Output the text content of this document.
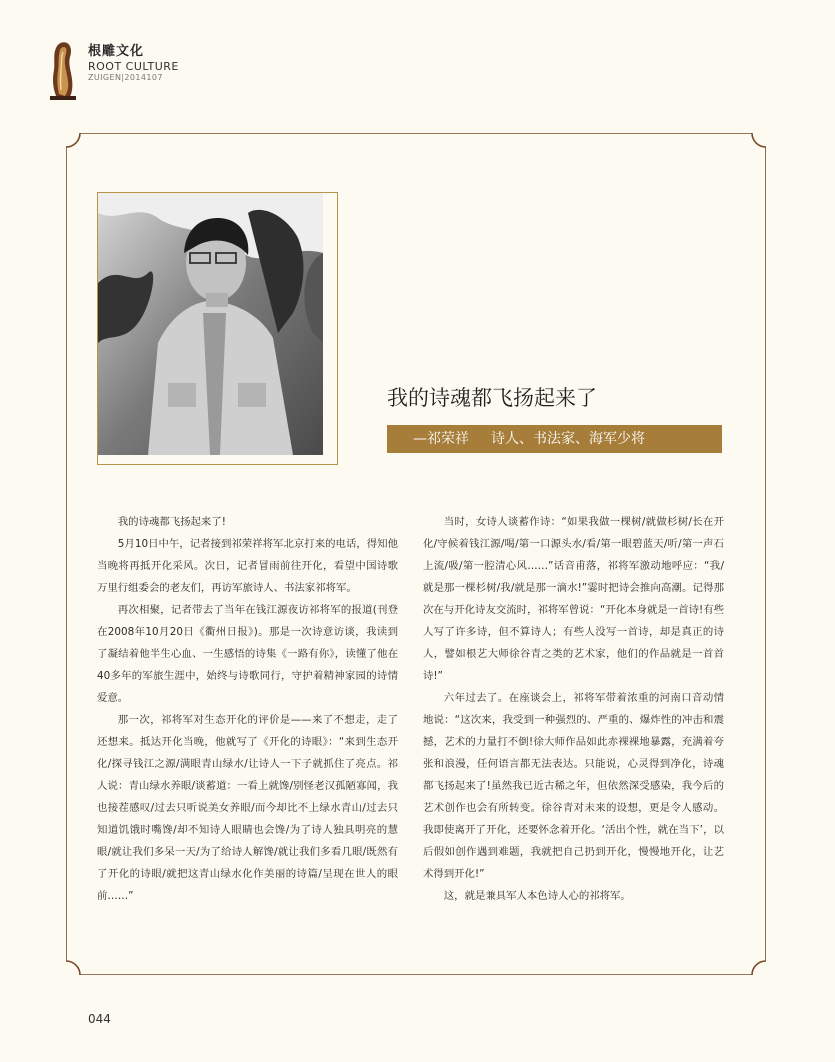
根雕文化
ROOT CULTURE
ZUIGEN|2014107
我的诗魂都飞扬起来了
—祁荣祥 诗人、书法家、海军少将

我的诗魂都飞扬起来了!

5月10日中午，记者接到祁荣祥将军北京打来的电话，得知他当晚将再抵开化采风。次日，记者冒雨前往开化，看望中国诗歌万里行组委会的老友们，再访军旅诗人、书法家祁将军。

再次相聚，记者带去了当年在钱江源夜访祁将军的报道(刊登在2008年10月20日《衢州日报》)。那是一次诗意访谈，我读到了凝结着他半生心血、一生感悟的诗集《一路有你》，读懂了他在40多年的军旅生涯中，始终与诗歌同行，守护着精神家园的诗情爱意。

那一次，祁将军对生态开化的评价是——来了不想走，走了还想来。抵达开化当晚，他就写了《开化的诗眼》：“来到生态开化/探寻钱江之源/满眼青山绿水/让诗人一下子就抓住了亮点。祁人说：青山绿水养眼/谈蓄道：一看上就馋/别怪老汉孤陋寡闻，我也接茬感叹/过去只听说美女养眼/而今却比不上绿水青山/过去只知道饥饿时嘴馋/却不知诗人眼睛也会馋/为了诗人独具明亮的慧眼/就让我们多呆一天/为了给诗人解馋/就让我们多看几眼/既然有了开化的诗眼/就把这青山绿水化作美丽的诗篇/呈现在世人的眼前……”

当时，女诗人谈蓄作诗：“如果我做一棵树/就做杉树/长在开化/守候着钱江源/喝/第一口源头水/看/第一眼碧蓝天/听/第一声石上流/吸/第一腔清心风……”话音甫落，祁将军激动地呼应：“我/就是那一棵杉树/我/就是那一滴水!”霎时把诗会推向高潮。记得那次在与开化诗友交流时，祁将军曾说：“开化本身就是一首诗!有些人写了许多诗，但不算诗人；有些人没写一首诗，却是真正的诗人，譬如根艺大师徐谷青之类的艺术家，他们的作品就是一首首诗!”

六年过去了。在座谈会上，祁将军带着浓重的河南口音动情地说：“这次来，我受到一种强烈的、严重的、爆炸性的冲击和震撼，艺术的力量打不倒!徐大师作品如此赤裸裸地暴露，充满着夸张和浪漫，任何语言都无法表达。只能说，心灵得到净化，诗魂都飞扬起来了!虽然我已近古稀之年，但依然深受感染，我今后的艺术创作也会有所转变。徐谷青对未来的设想，更是令人感动。我即使离开了开化，还要怀念着开化。‘活出个性，就在当下’，以后假如创作遇到难题，我就把自己扔到开化，慢慢地开化，让艺术得到开化!”

这，就是兼具军人本色诗人心的祁将军。

044
